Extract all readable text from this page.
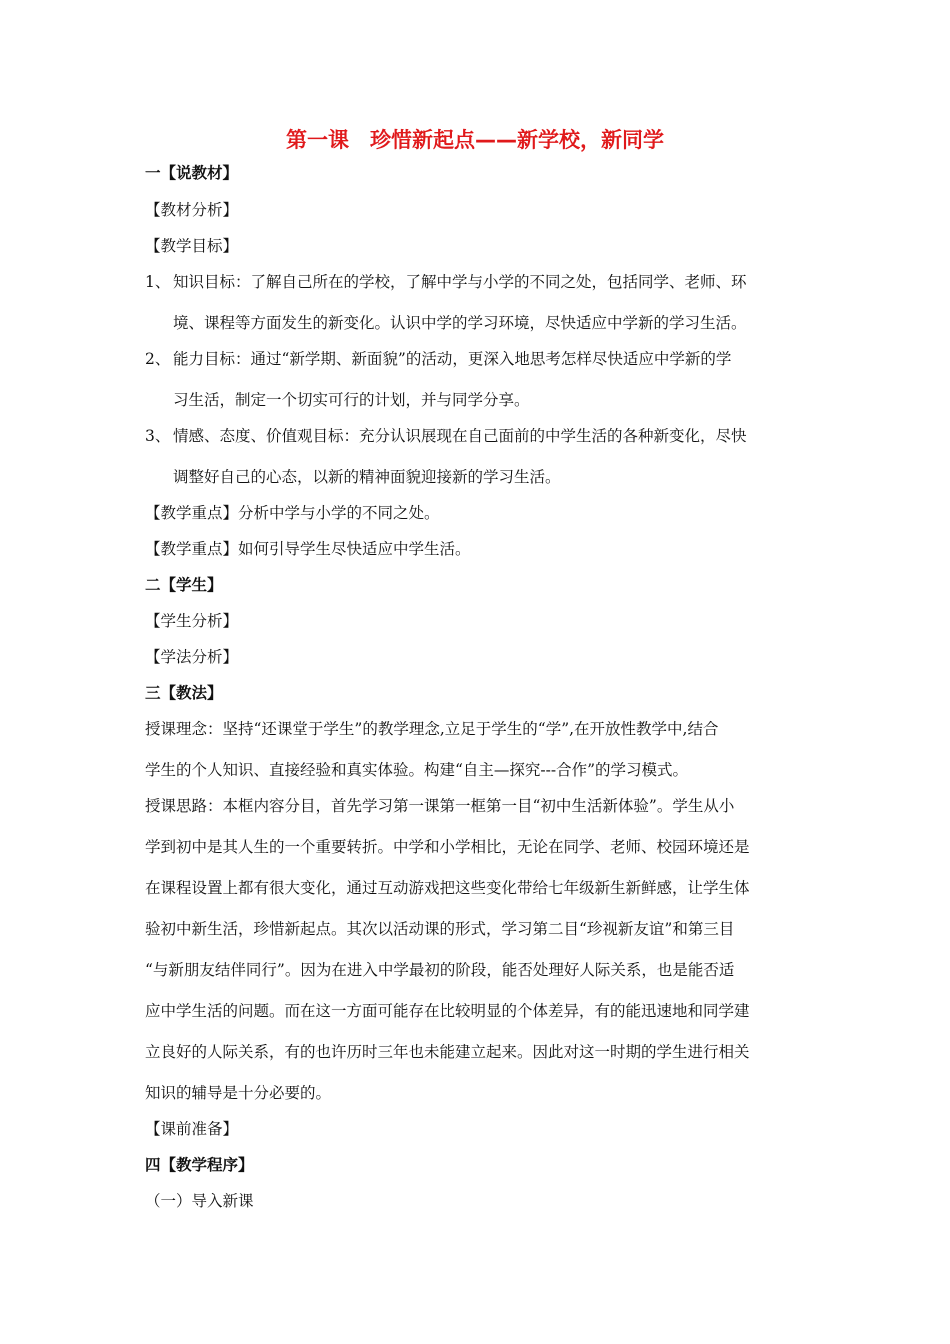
第一课　珍惜新起点——新学校，新同学
一【说教材】
【教材分析】
【教学目标】
1、 知识目标：了解自己所在的学校，了解中学与小学的不同之处，包括同学、老师、环
境、课程等方面发生的新变化。认识中学的学习环境，尽快适应中学新的学习生活。
2、 能力目标：通过“新学期、新面貌”的活动，更深入地思考怎样尽快适应中学新的学
习生活，制定一个切实可行的计划，并与同学分享。
3、 情感、态度、价值观目标：充分认识展现在自己面前的中学生活的各种新变化，尽快
调整好自己的心态，以新的精神面貌迎接新的学习生活。
【教学重点】分析中学与小学的不同之处。
【教学重点】如何引导学生尽快适应中学生活。
二【学生】
【学生分析】
【学法分析】
三【教法】
授课理念：坚持“还课堂于学生”的教学理念,立足于学生的“学”,在开放性教学中,结合
学生的个人知识、直接经验和真实体验。构建“自主—探究---合作”的学习模式。
授课思路：本框内容分目，首先学习第一课第一框第一目“初中生活新体验”。学生从小
学到初中是其人生的一个重要转折。中学和小学相比，无论在同学、老师、校园环境还是
在课程设置上都有很大变化，通过互动游戏把这些变化带给七年级新生新鲜感，让学生体
验初中新生活，珍惜新起点。其次以活动课的形式，学习第二目“珍视新友谊”和第三目
“与新朋友结伴同行”。因为在进入中学最初的阶段，能否处理好人际关系，也是能否适
应中学生活的问题。而在这一方面可能存在比较明显的个体差异，有的能迅速地和同学建
立良好的人际关系，有的也许历时三年也未能建立起来。因此对这一时期的学生进行相关
知识的辅导是十分必要的。
【课前准备】
四【教学程序】
（一）导入新课
